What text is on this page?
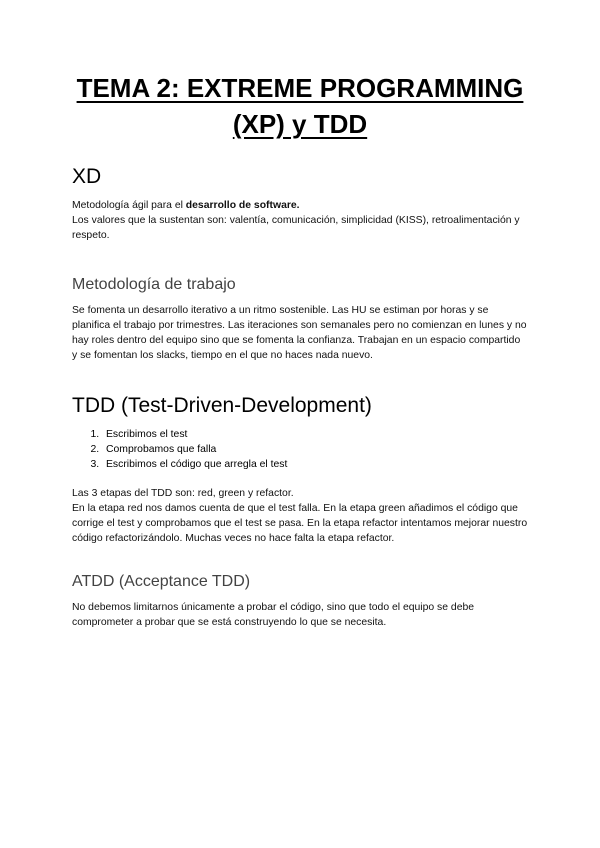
TEMA 2: EXTREME PROGRAMMING
(XP) y TDD
XD

Metodología ágil para el desarrollo de software.
Los valores que la sustentan son: valentía, comunicación, simplicidad (KISS), retroalimentación y respeto.

Metodología de trabajo

Se fomenta un desarrollo iterativo a un ritmo sostenible. Las HU se estiman por horas y se planifica el trabajo por trimestres. Las iteraciones son semanales pero no comienzan en lunes y no hay roles dentro del equipo sino que se fomenta la confianza. Trabajan en un espacio compartido y se fomentan los slacks, tiempo en el que no haces nada nuevo.

TDD (Test-Driven-Development)
1. Escribimos el test
2. Comprobamos que falla
3. Escribimos el código que arregla el test

Las 3 etapas del TDD son: red, green y refactor.
En la etapa red nos damos cuenta de que el test falla. En la etapa green añadimos el código que corrige el test y comprobamos que el test se pasa. En la etapa refactor intentamos mejorar nuestro código refactorizándolo. Muchas veces no hace falta la etapa refactor.

ATDD (Acceptance TDD)

No debemos limitarnos únicamente a probar el código, sino que todo el equipo se debe comprometer a probar que se está construyendo lo que se necesita.
